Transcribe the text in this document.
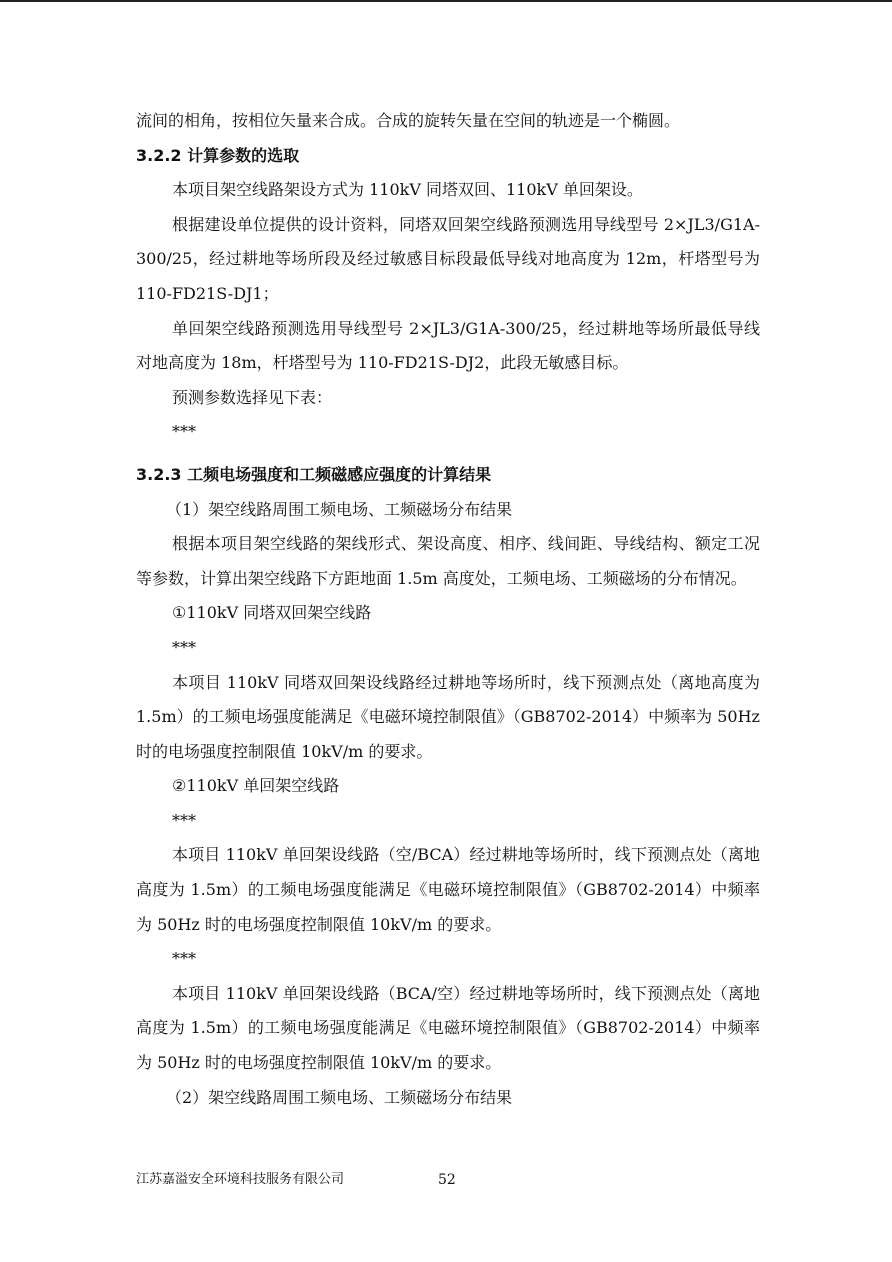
流间的相角，按相位矢量来合成。合成的旋转矢量在空间的轨迹是一个椭圆。

3.2.2 计算参数的选取

本项目架空线路架设方式为 110kV 同塔双回、110kV 单回架设。

根据建设单位提供的设计资料，同塔双回架空线路预测选用导线型号 2×JL3/G1A-300/25，经过耕地等场所段及经过敏感目标段最低导线对地高度为 12m，杆塔型号为 110-FD21S-DJ1；

单回架空线路预测选用导线型号 2×JL3/G1A-300/25，经过耕地等场所最低导线对地高度为 18m，杆塔型号为 110-FD21S-DJ2，此段无敏感目标。

预测参数选择见下表：

***

3.2.3 工频电场强度和工频磁感应强度的计算结果

（1）架空线路周围工频电场、工频磁场分布结果

根据本项目架空线路的架线形式、架设高度、相序、线间距、导线结构、额定工况等参数，计算出架空线路下方距地面 1.5m 高度处，工频电场、工频磁场的分布情况。

①110kV 同塔双回架空线路

***

本项目 110kV 同塔双回架设线路经过耕地等场所时，线下预测点处（离地高度为 1.5m）的工频电场强度能满足《电磁环境控制限值》（GB8702-2014）中频率为 50Hz 时的电场强度控制限值 10kV/m 的要求。

②110kV 单回架空线路

***

本项目 110kV 单回架设线路（空/BCA）经过耕地等场所时，线下预测点处（离地高度为 1.5m）的工频电场强度能满足《电磁环境控制限值》（GB8702-2014）中频率为 50Hz 时的电场强度控制限值 10kV/m 的要求。

***

本项目 110kV 单回架设线路（BCA/空）经过耕地等场所时，线下预测点处（离地高度为 1.5m）的工频电场强度能满足《电磁环境控制限值》（GB8702-2014）中频率为 50Hz 时的电场强度控制限值 10kV/m 的要求。

（2）架空线路周围工频电场、工频磁场分布结果

江苏嘉溢安全环境科技服务有限公司	52
